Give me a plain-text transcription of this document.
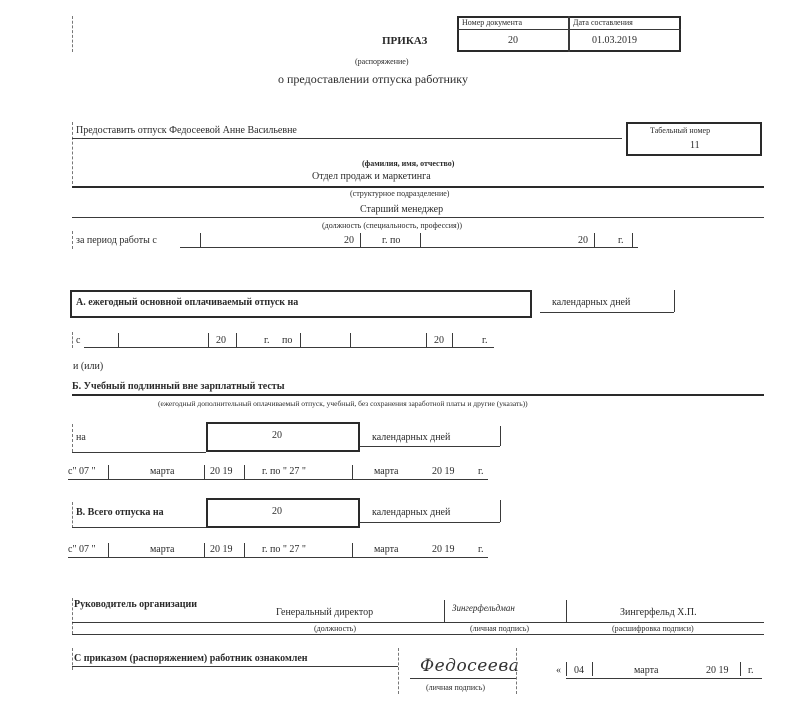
ПРИКАЗ
Номер документа	Дата составления
20	01.03.2019
(распоряжение)
о предоставлении отпуска работнику
Предоставить отпуск Федосеевой Анне Васильевне	Табельный номер
11
(фамилия, имя, отчество)
Отдел продаж и маркетинга
(структурное подразделение)
Старший менеджер
(должность (специальность, профессия))
за период работы с	20	г. по	20	г.
А. ежегодный основной оплачиваемый отпуск на	календарных дней
с	20	г. по	20	г.
и (или)
Б. Учебный подлинный вне зарплатный тесты
(ежегодный дополнительный оплачиваемый отпуск, учебный, без сохранения заработной платы и другие (указать))
на	20	календарных дней
с" 07 "	марта	20 19	г. по " 27 "	марта	20 19 г.
В. Всего отпуска на	20	календарных дней
с" 07 "	марта	20 19	г. по " 27 "	марта	20 19 г.
Руководитель организации
Генеральный директор	Зингерфельдман	Зингерфельд Х.П.
(должность)	(личная подпись)	(расшифровка подписи)
С приказом (распоряжением) работник ознакомлен	Федосеева
(личная подпись)
« 04	марта	20 19 г.
